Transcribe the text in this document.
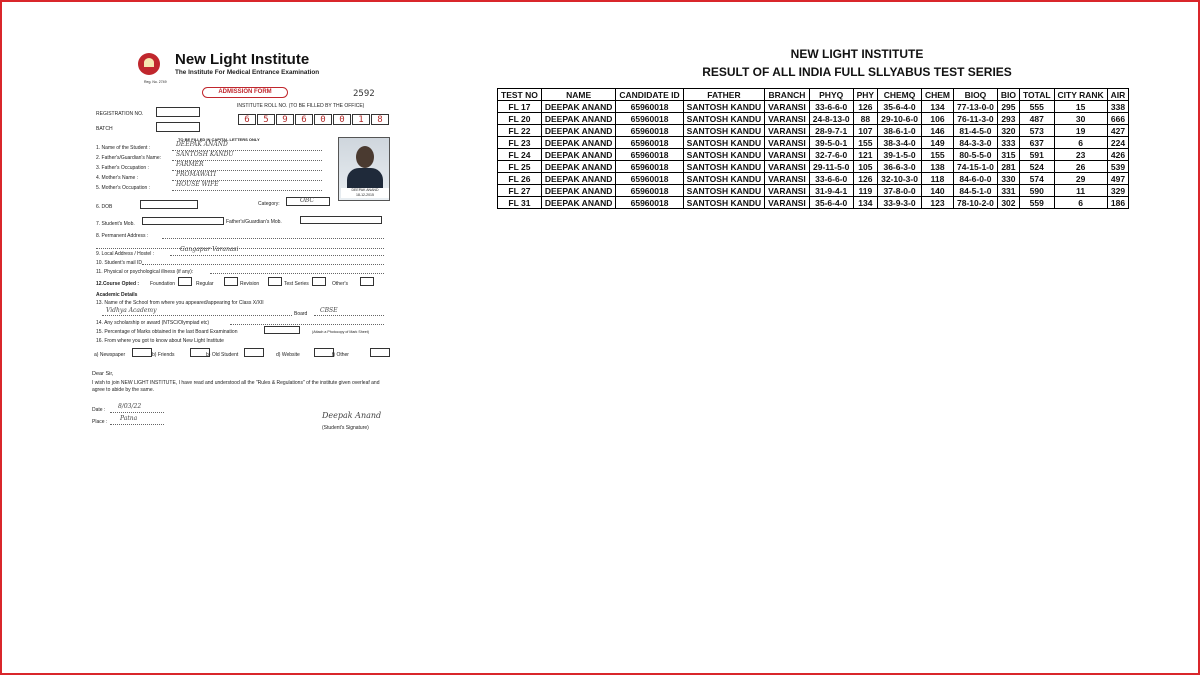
New Light Institute
The Institute For Medical Entrance Examination
Reg. No. 2749
ADMISSION FORM	2592
REGISTRATION NO.
BATCH
INSTITUTE ROLL NO. (TO BE FILLED BY THE OFFICE)
6	5	9	6	0	0	1	8
TO BE FILLED IN CAPITAL LETTERS ONLY
1. Name of the Student :	DEEPAK ANAND
2. Father's/Guardian's Name:	SANTOSH KANDU
3. Father's Occupation :	FARMER
4. Mother's Name :	PROMAWATI
5. Mother's Occupation :	HOUSE WIFE
DEEPAK ANAND
18-12-2015
6. DOB	Category:	OBC
7. Student's Mob.	Father's/Guardian's Mob.
8. Permanent Address :
9. Local Address / Hostel :
Gangapur Varanasi
10. Student's mail ID
11. Physical or psychological illness (if any):
12.Course Opted : Foundation	Regular	Revision	Test Series	Other's
Academic Details
13. Name of the School from where you appeared/appearing for Class X/XII
Vidhya Academy	Board CBSE
14. Any scholarship or award (NTSC/Olympiad etc)
15. Percentage of Marks obtained in the last Board Examination	(Attach a Photocopy of Mark Sheet)
16. From where you got to know about New Light Institute
a) Newspaper	b) Friends	b) Old Student	d) Website	f) Other
Dear Sir,
I wish to join NEW LIGHT INSTITUTE, I have read and understood all the "Rules & Regulations" of the institute given overleaf and agree to abide by the same.
Date : 8/03/22
Place : Patna	Deepak Anand
(Student's Signature)
NEW LIGHT INSTITUTE
RESULT OF ALL INDIA FULL SLLYABUS TEST SERIES
TEST NO	NAME	CANDIDATE ID	FATHER	BRANCH	PHYQ	PHY	CHEMQ	CHEM	BIOQ	BIO	TOTAL	CITY RANK	AIR
FL 17	DEEPAK ANAND	65960018	SANTOSH KANDU	VARANSI	33-6-6-0	126	35-6-4-0	134	77-13-0-0	295	555	15	338
FL 20	DEEPAK ANAND	65960018	SANTOSH KANDU	VARANSI	24-8-13-0	88	29-10-6-0	106	76-11-3-0	293	487	30	666
FL 22	DEEPAK ANAND	65960018	SANTOSH KANDU	VARANSI	28-9-7-1	107	38-6-1-0	146	81-4-5-0	320	573	19	427
FL 23	DEEPAK ANAND	65960018	SANTOSH KANDU	VARANSI	39-5-0-1	155	38-3-4-0	149	84-3-3-0	333	637	6	224
FL 24	DEEPAK ANAND	65960018	SANTOSH KANDU	VARANSI	32-7-6-0	121	39-1-5-0	155	80-5-5-0	315	591	23	426
FL 25	DEEPAK ANAND	65960018	SANTOSH KANDU	VARANSI	29-11-5-0	105	36-6-3-0	138	74-15-1-0	281	524	26	539
FL 26	DEEPAK ANAND	65960018	SANTOSH KANDU	VARANSI	33-6-6-0	126	32-10-3-0	118	84-6-0-0	330	574	29	497
FL 27	DEEPAK ANAND	65960018	SANTOSH KANDU	VARANSI	31-9-4-1	119	37-8-0-0	140	84-5-1-0	331	590	11	329
FL 31	DEEPAK ANAND	65960018	SANTOSH KANDU	VARANSI	35-6-4-0	134	33-9-3-0	123	78-10-2-0	302	559	6	186
